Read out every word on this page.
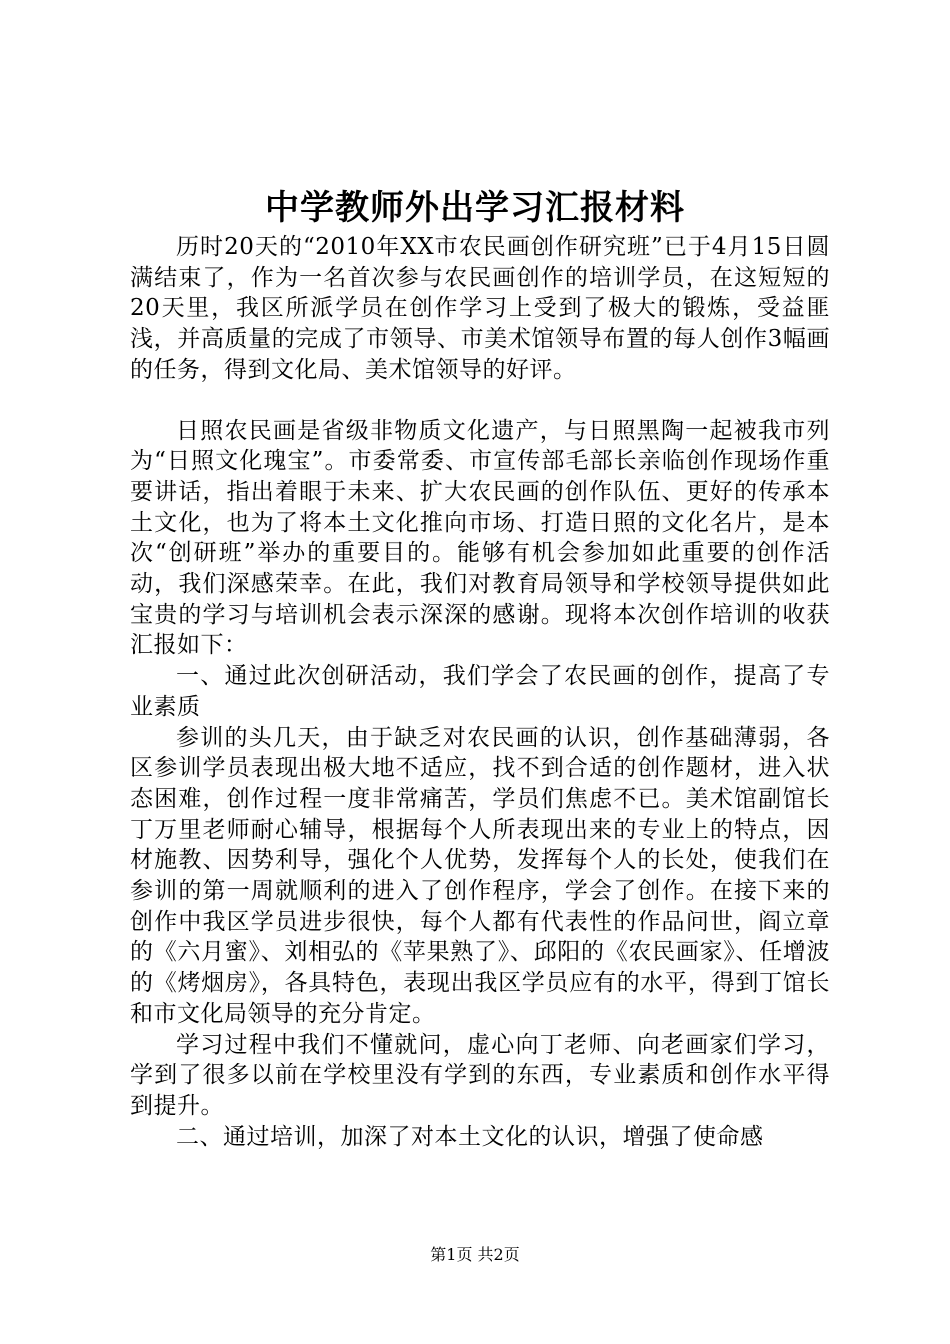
中学教师外出学习汇报材料

历时20天的“2010年XX市农民画创作研究班”已于4月15日圆满结束了，作为一名首次参与农民画创作的培训学员，在这短短的20天里，我区所派学员在创作学习上受到了极大的锻炼，受益匪浅，并高质量的完成了市领导、市美术馆领导布置的每人创作3幅画的任务，得到文化局、美术馆领导的好评。

日照农民画是省级非物质文化遗产，与日照黑陶一起被我市列为“日照文化瑰宝”。市委常委、市宣传部毛部长亲临创作现场作重要讲话，指出着眼于未来、扩大农民画的创作队伍、更好的传承本土文化，也为了将本土文化推向市场、打造日照的文化名片，是本次“创研班”举办的重要目的。能够有机会参加如此重要的创作活动，我们深感荣幸。在此，我们对教育局领导和学校领导提供如此宝贵的学习与培训机会表示深深的感谢。现将本次创作培训的收获汇报如下：

一、通过此次创研活动，我们学会了农民画的创作，提高了专业素质

参训的头几天，由于缺乏对农民画的认识，创作基础薄弱，各区参训学员表现出极大地不适应，找不到合适的创作题材，进入状态困难，创作过程一度非常痛苦，学员们焦虑不已。美术馆副馆长丁万里老师耐心辅导，根据每个人所表现出来的专业上的特点，因材施教、因势利导，强化个人优势，发挥每个人的长处，使我们在参训的第一周就顺利的进入了创作程序，学会了创作。在接下来的创作中我区学员进步很快，每个人都有代表性的作品问世，阎立章的《六月蜜》、刘相弘的《苹果熟了》、邱阳的《农民画家》、任增波的《烤烟房》，各具特色，表现出我区学员应有的水平，得到丁馆长和市文化局领导的充分肯定。

学习过程中我们不懂就问，虚心向丁老师、向老画家们学习，学到了很多以前在学校里没有学到的东西，专业素质和创作水平得到提升。

二、通过培训，加深了对本土文化的认识，增强了使命感

第1页 共2页
